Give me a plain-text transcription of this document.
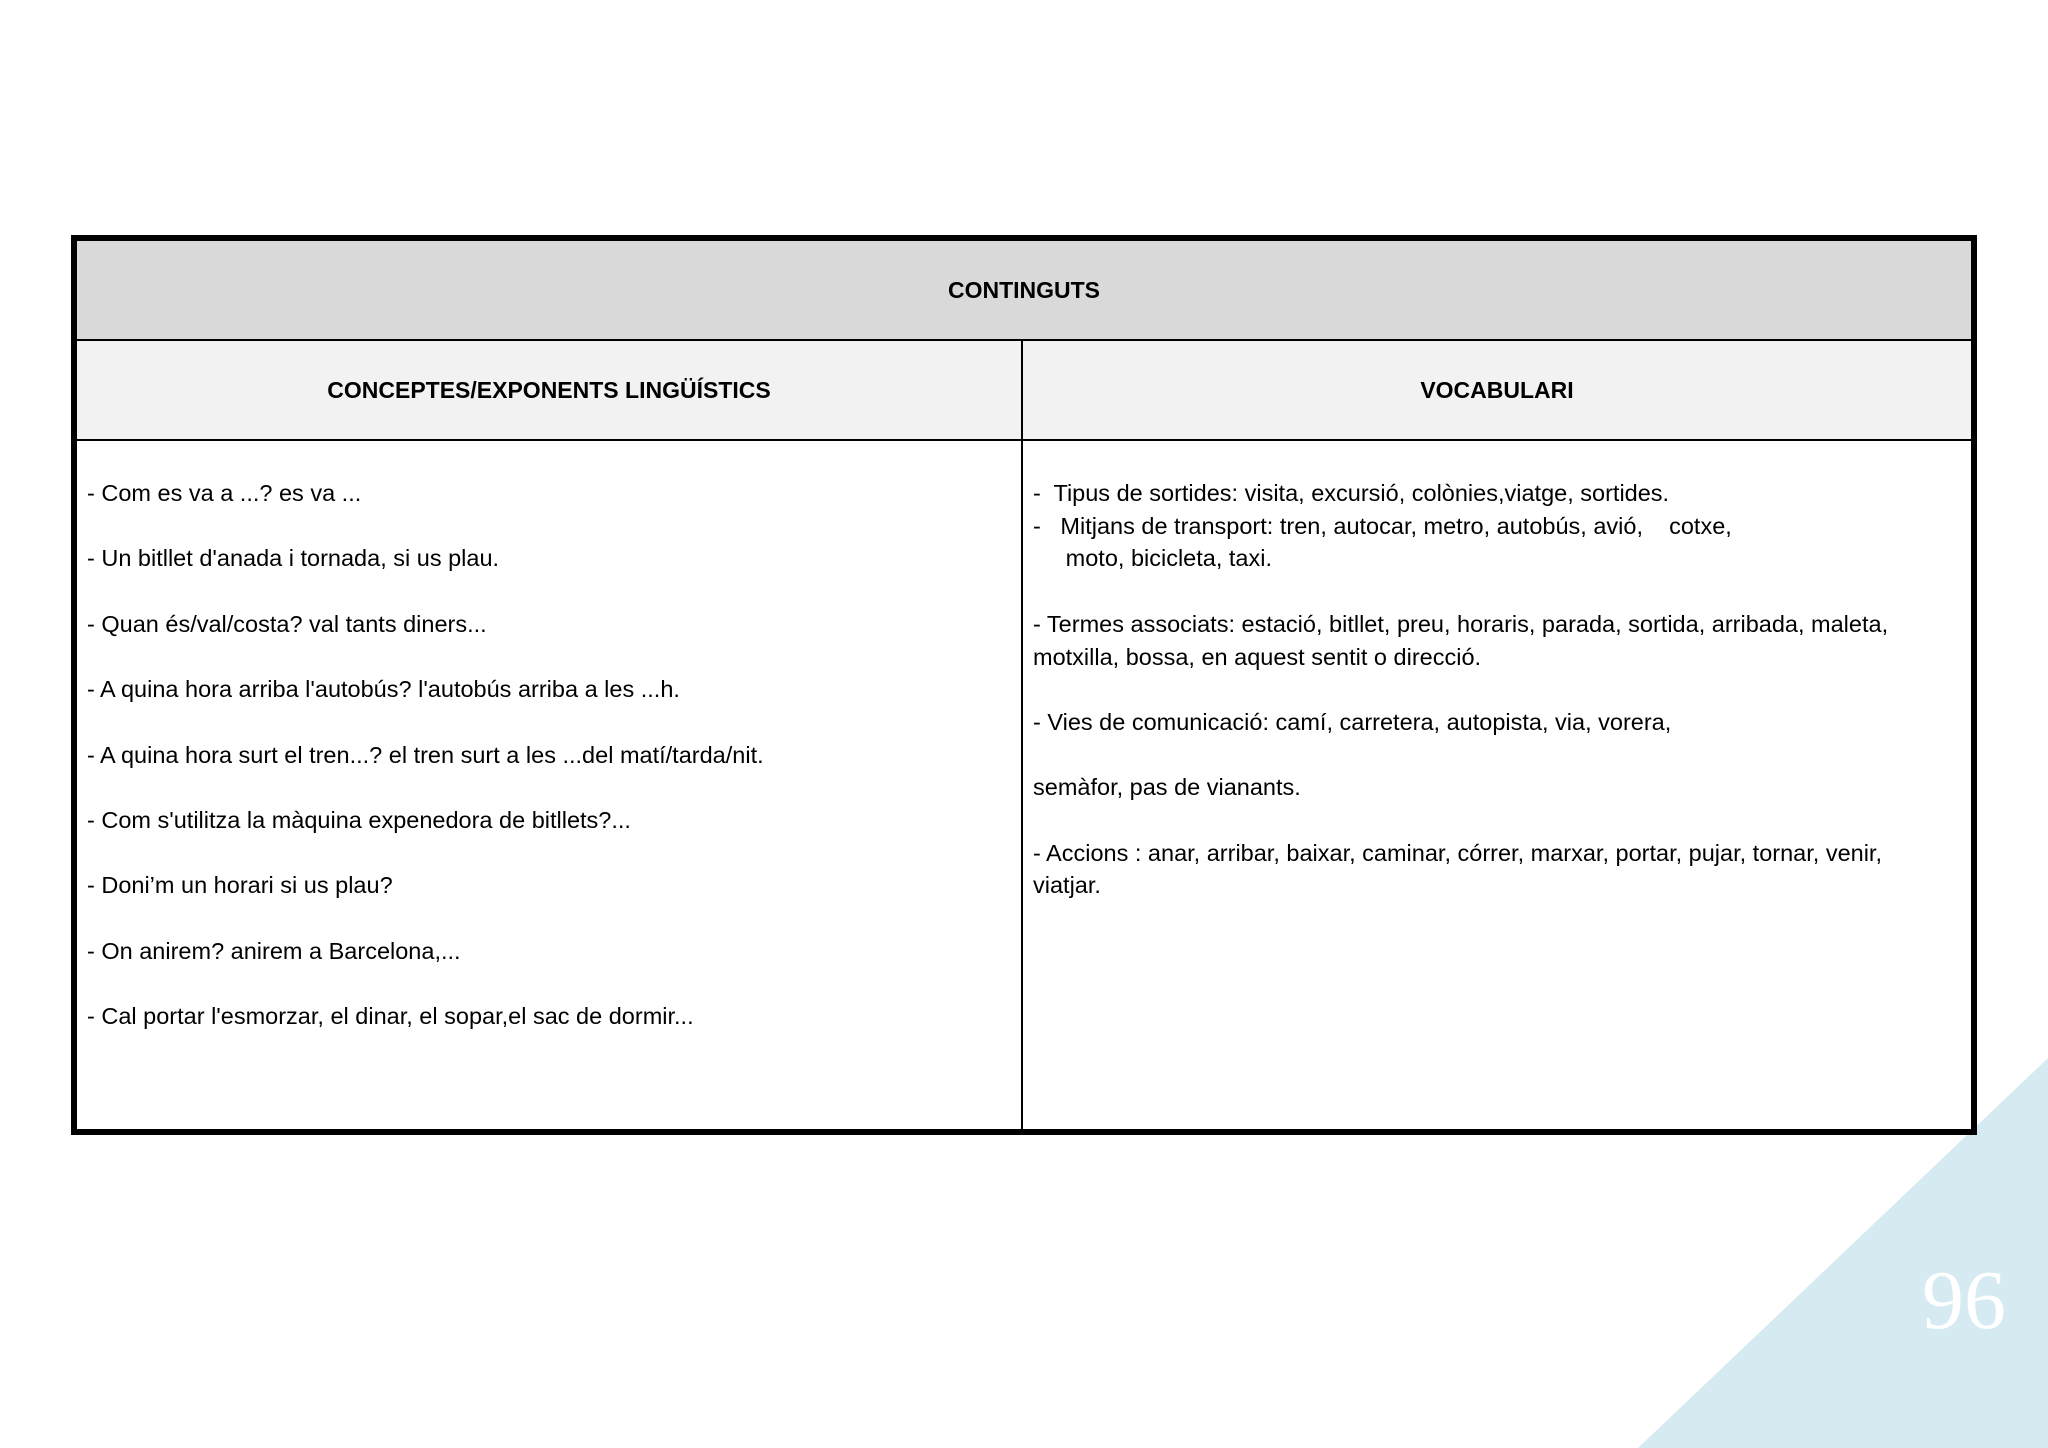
96
CONTINGUTS
CONCEPTES/EXPONENTS LINGÜÍSTICS	VOCABULARI

- Com es va a ...? es va ...

- Un bitllet d'anada i tornada, si us plau.

- Quan és/val/costa? val tants diners...

- A quina hora arriba l'autobús? l'autobús arriba a les ...h.

- A quina hora surt el tren...? el tren surt a les ...del matí/tarda/nit.

- Com s'utilitza la màquina expenedora de bitllets?...

- Doni’m un horari si us plau?

- On anirem? anirem a Barcelona,...

- Cal portar l'esmorzar, el dinar, el sopar,el sac de dormir...

-  Tipus de sortides: visita, excursió, colònies,viatge, sortides.

-   Mitjans de transport: tren, autocar, metro, autobús, avió,    cotxe,

moto, bicicleta, taxi.

- Termes associats: estació, bitllet, preu, horaris, parada, sortida, arribada, maleta,

motxilla, bossa, en aquest sentit o direcció.

- Vies de comunicació: camí, carretera, autopista, via, vorera,

semàfor, pas de vianants.

- Accions : anar, arribar, baixar, caminar, córrer, marxar, portar, pujar, tornar, venir,

viatjar.
